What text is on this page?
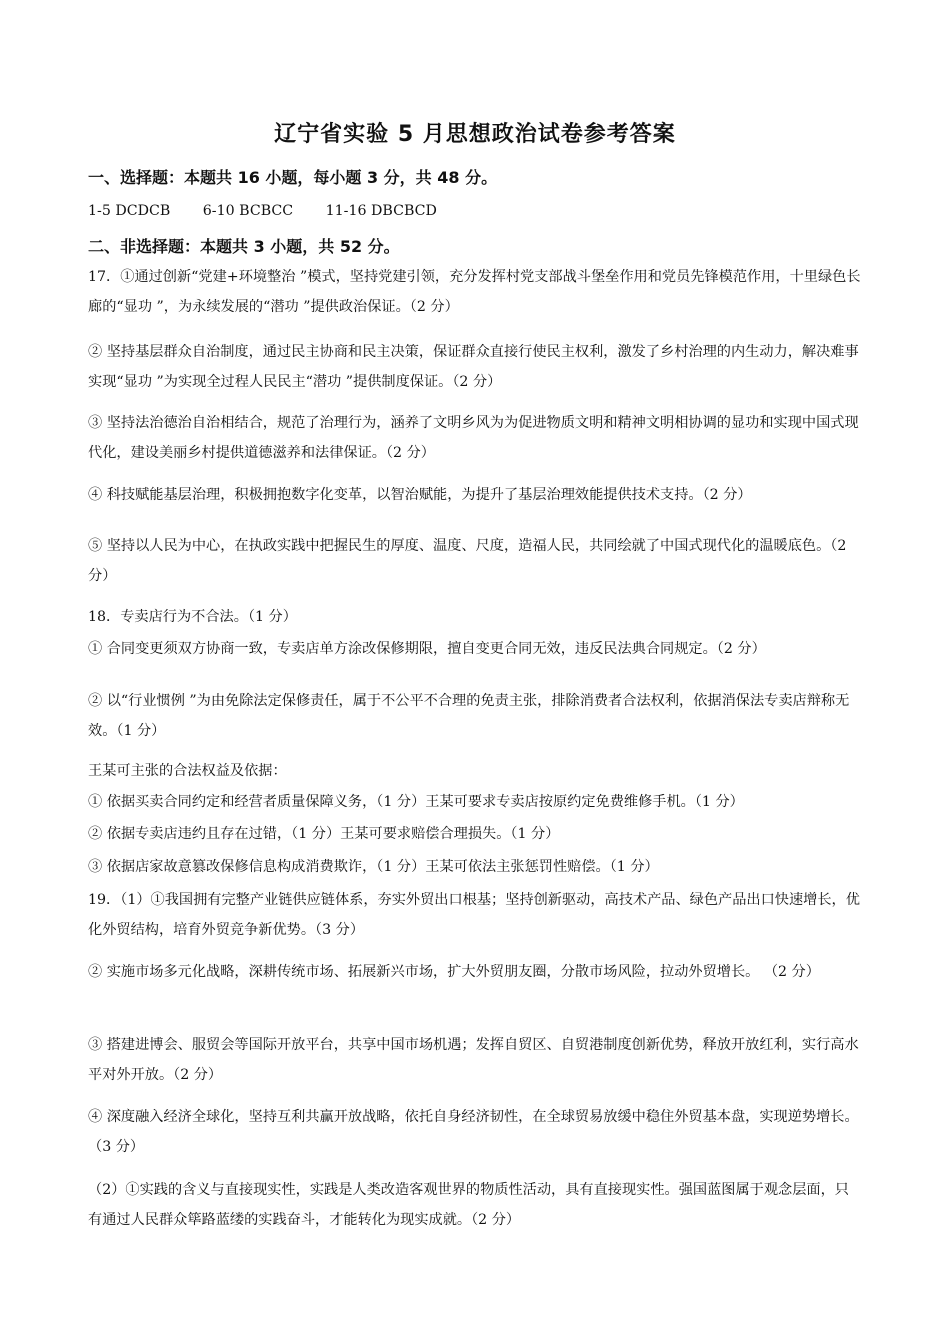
辽宁省实验 5 月思想政治试卷参考答案
一、选择题：本题共 16 小题，每小题 3 分，共 48 分。
1-5 DCDCB 6-10 BCBCC 11-16 DBCBCD
二、非选择题：本题共 3 小题，共 52 分。
17．①通过创新“党建+环境整治 ”模式，坚持党建引领，充分发挥村党支部战斗堡垒作用和党员先锋模范作用，十里绿色长廊的“显功 ”，为永续发展的“潜功 ”提供政治保证。（2 分）
② 坚持基层群众自治制度，通过民主协商和民主决策，保证群众直接行使民主权利，激发了乡村治理的内生动力，解决难事实现“显功 ”为实现全过程人民民主“潜功 ”提供制度保证。（2 分）
③ 坚持法治德治自治相结合，规范了治理行为，涵养了文明乡风为为促进物质文明和精神文明相协调的显功和实现中国式现代化，建设美丽乡村提供道德滋养和法律保证。（2 分）
④ 科技赋能基层治理，积极拥抱数字化变革，以智治赋能，为提升了基层治理效能提供技术支持。（2 分）
⑤ 坚持以人民为中心，在执政实践中把握民生的厚度、温度、尺度，造福人民，共同绘就了中国式现代化的温暖底色。（2 分）
18．专卖店行为不合法。（1 分）
① 合同变更须双方协商一致，专卖店单方涂改保修期限，擅自变更合同无效，违反民法典合同规定。（2 分）
② 以“行业惯例 ”为由免除法定保修责任，属于不公平不合理的免责主张，排除消费者合法权利，依据消保法专卖店辩称无效。（1 分）
王某可主张的合法权益及依据：
① 依据买卖合同约定和经营者质量保障义务，（1 分）王某可要求专卖店按原约定免费维修手机。（1 分）
② 依据专卖店违约且存在过错，（1 分）王某可要求赔偿合理损失。（1 分）
③ 依据店家故意篡改保修信息构成消费欺诈，（1 分）王某可依法主张惩罚性赔偿。（1 分）
19．（1）①我国拥有完整产业链供应链体系，夯实外贸出口根基；坚持创新驱动，高技术产品、绿色产品出口快速增长，优化外贸结构，培育外贸竞争新优势。（3 分）
② 实施市场多元化战略，深耕传统市场、拓展新兴市场，扩大外贸朋友圈，分散市场风险，拉动外贸增长。 （2 分）
③ 搭建进博会、服贸会等国际开放平台，共享中国市场机遇；发挥自贸区、自贸港制度创新优势，释放开放红利，实行高水平对外开放。（2 分）
④ 深度融入经济全球化，坚持互利共赢开放战略，依托自身经济韧性，在全球贸易放缓中稳住外贸基本盘，实现逆势增长。（3 分）
（2）①实践的含义与直接现实性，实践是人类改造客观世界的物质性活动，具有直接现实性。强国蓝图属于观念层面，只有通过人民群众筚路蓝缕的实践奋斗，才能转化为现实成就。（2 分）
